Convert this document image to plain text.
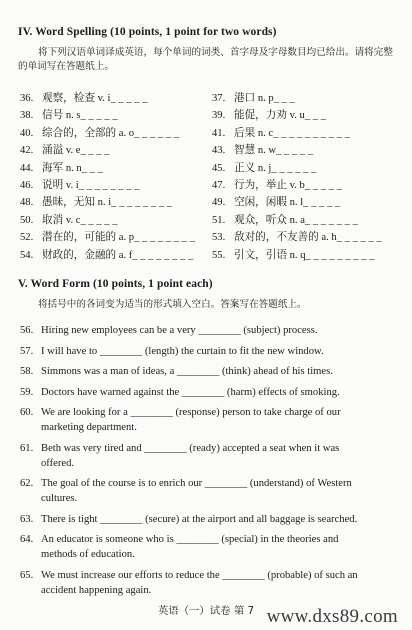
IV. Word Spelling (10 points, 1 point for two words)
将下列汉语单词译成英语，每个单词的词类、首字母及字母数目均已给出。请将完整
的单词写在答题纸上。
36. 观察，检查 v. i_ _ _ _ _
38. 信号 n. s_ _ _ _ _
40. 综合的，全部的 a. o_ _ _ _ _ _
42. 涌溢 v. e_ _ _ _
44. 海军 n. n_ _ _
46. 说明 v. i_ _ _ _ _ _ _ _
48. 愚昧，无知 n. i_ _ _ _ _ _ _ _
50. 取消 v. c_ _ _ _ _
52. 潜在的，可能的 a. p_ _ _ _ _ _ _ _
54. 财政的，金融的 a. f_ _ _ _ _ _ _ _
37. 港口 n. p_ _ _
39. 能促，力劝 v. u_ _ _
41. 后果 n. c_ _ _ _ _ _ _ _ _ _
43. 智慧 n. w_ _ _ _ _
45. 正义 n. j_ _ _ _ _ _
47. 行为，举止 v. b_ _ _ _ _
49. 空闲，闲暇 n. l_ _ _ _ _
51. 观众，听众 n. a_ _ _ _ _ _ _
53. 敌对的，不友善的 a. h_ _ _ _ _ _
55. 引文，引语 n. q_ _ _ _ _ _ _ _ _
V. Word Form (10 points, 1 point each)
将括号中的各词变为适当的形式填入空白。答案写在答题纸上。
56. Hiring new employees can be a very ________ (subject) process.
57. I will have to ________ (length) the curtain to fit the new window.
58. Simmons was a man of ideas, a ________ (think) ahead of his times.
59. Doctors have warned against the ________ (harm) effects of smoking.
60. We are looking for a ________ (response) person to take charge of our
marketing department.
61. Beth was very tired and ________ (ready) accepted a seat when it was
offered.
62. The goal of the course is to enrich our ________ (understand) of Western
cultures.
63. There is tight ________ (secure) at the airport and all baggage is searched.
64. An educator is someone who is ________ (special) in the theories and
methods of education.
65. We must increase our efforts to reduce the ________ (probable) of such an
accident happening again.
英语（一）试卷 第 7 www.dxs89.com
